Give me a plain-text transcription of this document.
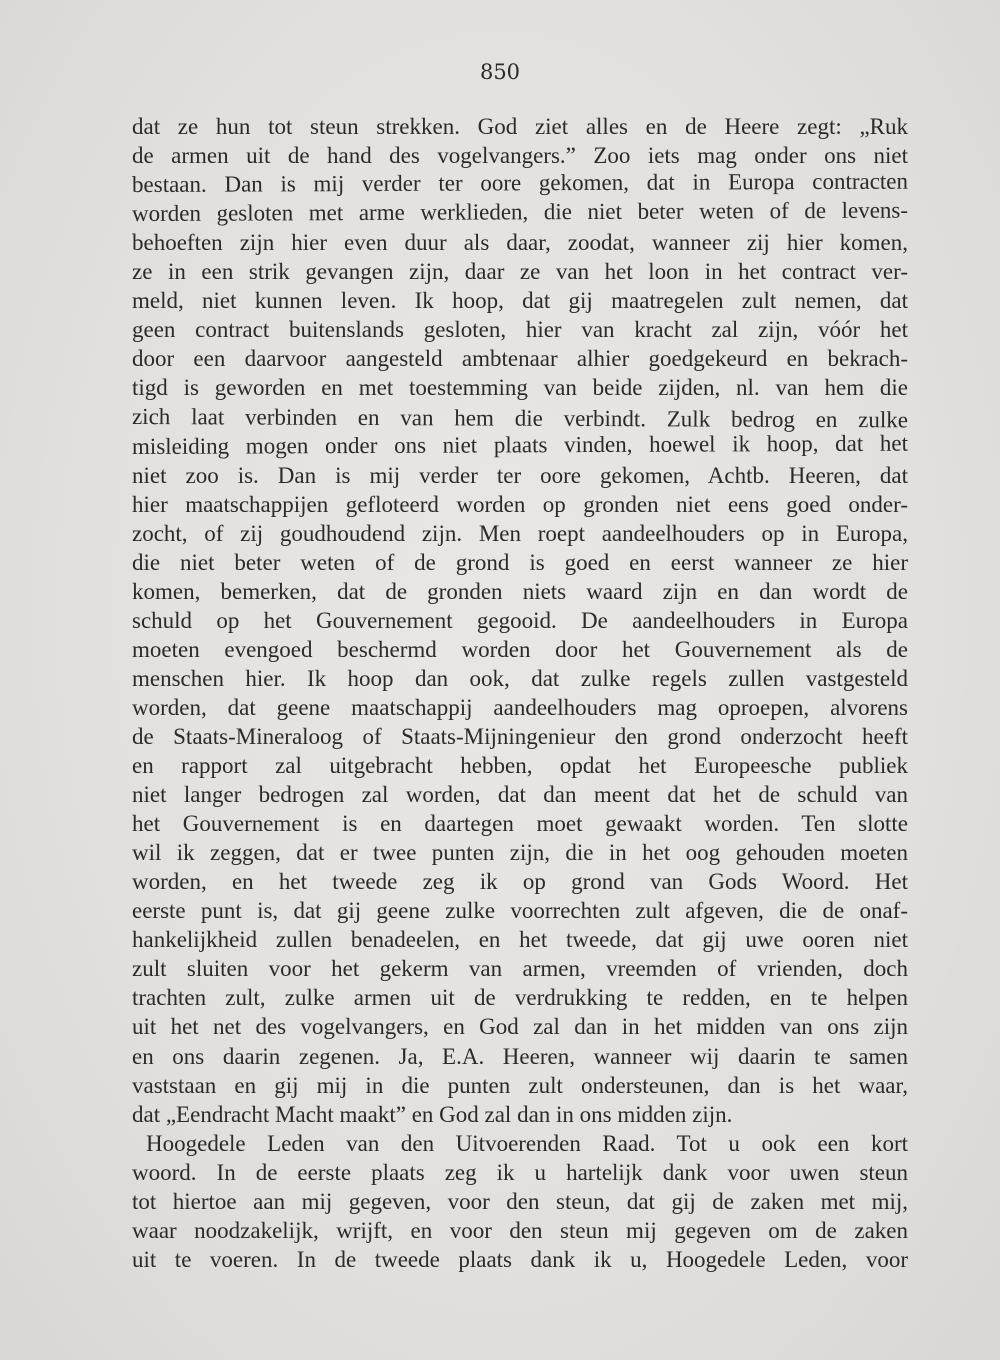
850
dat ze hun tot steun strekken. God ziet alles en de Heere zegt: „Ruk
de armen uit de hand des vogelvangers.” Zoo iets mag onder ons niet
bestaan. Dan is mij verder ter oore gekomen, dat in Europa contracten
worden gesloten met arme werklieden, die niet beter weten of de levens-
behoeften zijn hier even duur als daar, zoodat, wanneer zij hier komen,
ze in een strik gevangen zijn, daar ze van het loon in het contract ver-
meld, niet kunnen leven. Ik hoop, dat gij maatregelen zult nemen, dat
geen contract buitenslands gesloten, hier van kracht zal zijn, vóór het
door een daarvoor aangesteld ambtenaar alhier goedgekeurd en bekrach-
tigd is geworden en met toestemming van beide zijden, nl. van hem die
zich laat verbinden en van hem die verbindt. Zulk bedrog en zulke
misleiding mogen onder ons niet plaats vinden, hoewel ik hoop, dat het
niet zoo is. Dan is mij verder ter oore gekomen, Achtb. Heeren, dat
hier maatschappijen gefloteerd worden op gronden niet eens goed onder-
zocht, of zij goudhoudend zijn. Men roept aandeelhouders op in Europa,
die niet beter weten of de grond is goed en eerst wanneer ze hier
komen, bemerken, dat de gronden niets waard zijn en dan wordt de
schuld op het Gouvernement gegooid. De aandeelhouders in Europa
moeten evengoed beschermd worden door het Gouvernement als de
menschen hier. Ik hoop dan ook, dat zulke regels zullen vastgesteld
worden, dat geene maatschappij aandeelhouders mag oproepen, alvorens
de Staats-Mineraloog of Staats-Mijningenieur den grond onderzocht heeft
en rapport zal uitgebracht hebben, opdat het Europeesche publiek
niet langer bedrogen zal worden, dat dan meent dat het de schuld van
het Gouvernement is en daartegen moet gewaakt worden. Ten slotte
wil ik zeggen, dat er twee punten zijn, die in het oog gehouden moeten
worden, en het tweede zeg ik op grond van Gods Woord. Het
eerste punt is, dat gij geene zulke voorrechten zult afgeven, die de onaf-
hankelijkheid zullen benadeelen, en het tweede, dat gij uwe ooren niet
zult sluiten voor het gekerm van armen, vreemden of vrienden, doch
trachten zult, zulke armen uit de verdrukking te redden, en te helpen
uit het net des vogelvangers, en God zal dan in het midden van ons zijn
en ons daarin zegenen. Ja, E.A. Heeren, wanneer wij daarin te samen
vaststaan en gij mij in die punten zult ondersteunen, dan is het waar,
dat „Eendracht Macht maakt” en God zal dan in ons midden zijn.
Hoogedele Leden van den Uitvoerenden Raad. Tot u ook een kort
woord. In de eerste plaats zeg ik u hartelijk dank voor uwen steun
tot hiertoe aan mij gegeven, voor den steun, dat gij de zaken met mij,
waar noodzakelijk, wrijft, en voor den steun mij gegeven om de zaken
uit te voeren. In de tweede plaats dank ik u, Hoogedele Leden, voor
